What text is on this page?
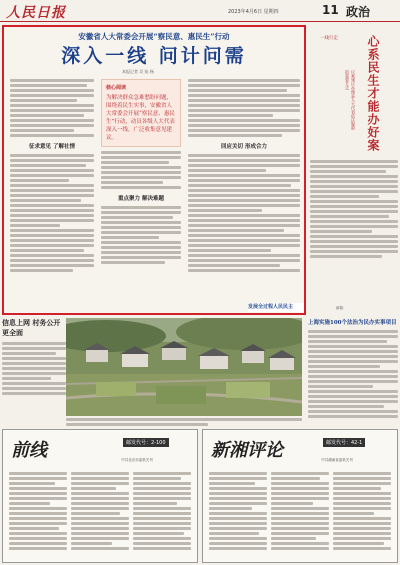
人民日报	2023年4月6日 星期四	11 政治
安徽省人大常委会开展“察民意、惠民生”行动
深入一线 问计问需
本报记者 吴 焰 杨
征求意见 了解社情
核心阅读
为解决群众急难愁盼问题，围绕着民生实事，安徽省人大常委会开展“察民意、惠民生”行动，动员各级人大代表深入一线，广泛收集意见建议。
重点聚力 解决难题
回应关切 形成合力
发展全过程人民民主
一线行走
议案建议办理是人大代表依法履职的重要方式	心系民生才能办好案
邮箱：
信息上网 村务公开更全面
上海实施100个法治为民办实事项目
前线	邮发代号：2-100
中共北京市委机关刊	新湘评论	邮发代号：42-1
中共湖南省委机关刊
